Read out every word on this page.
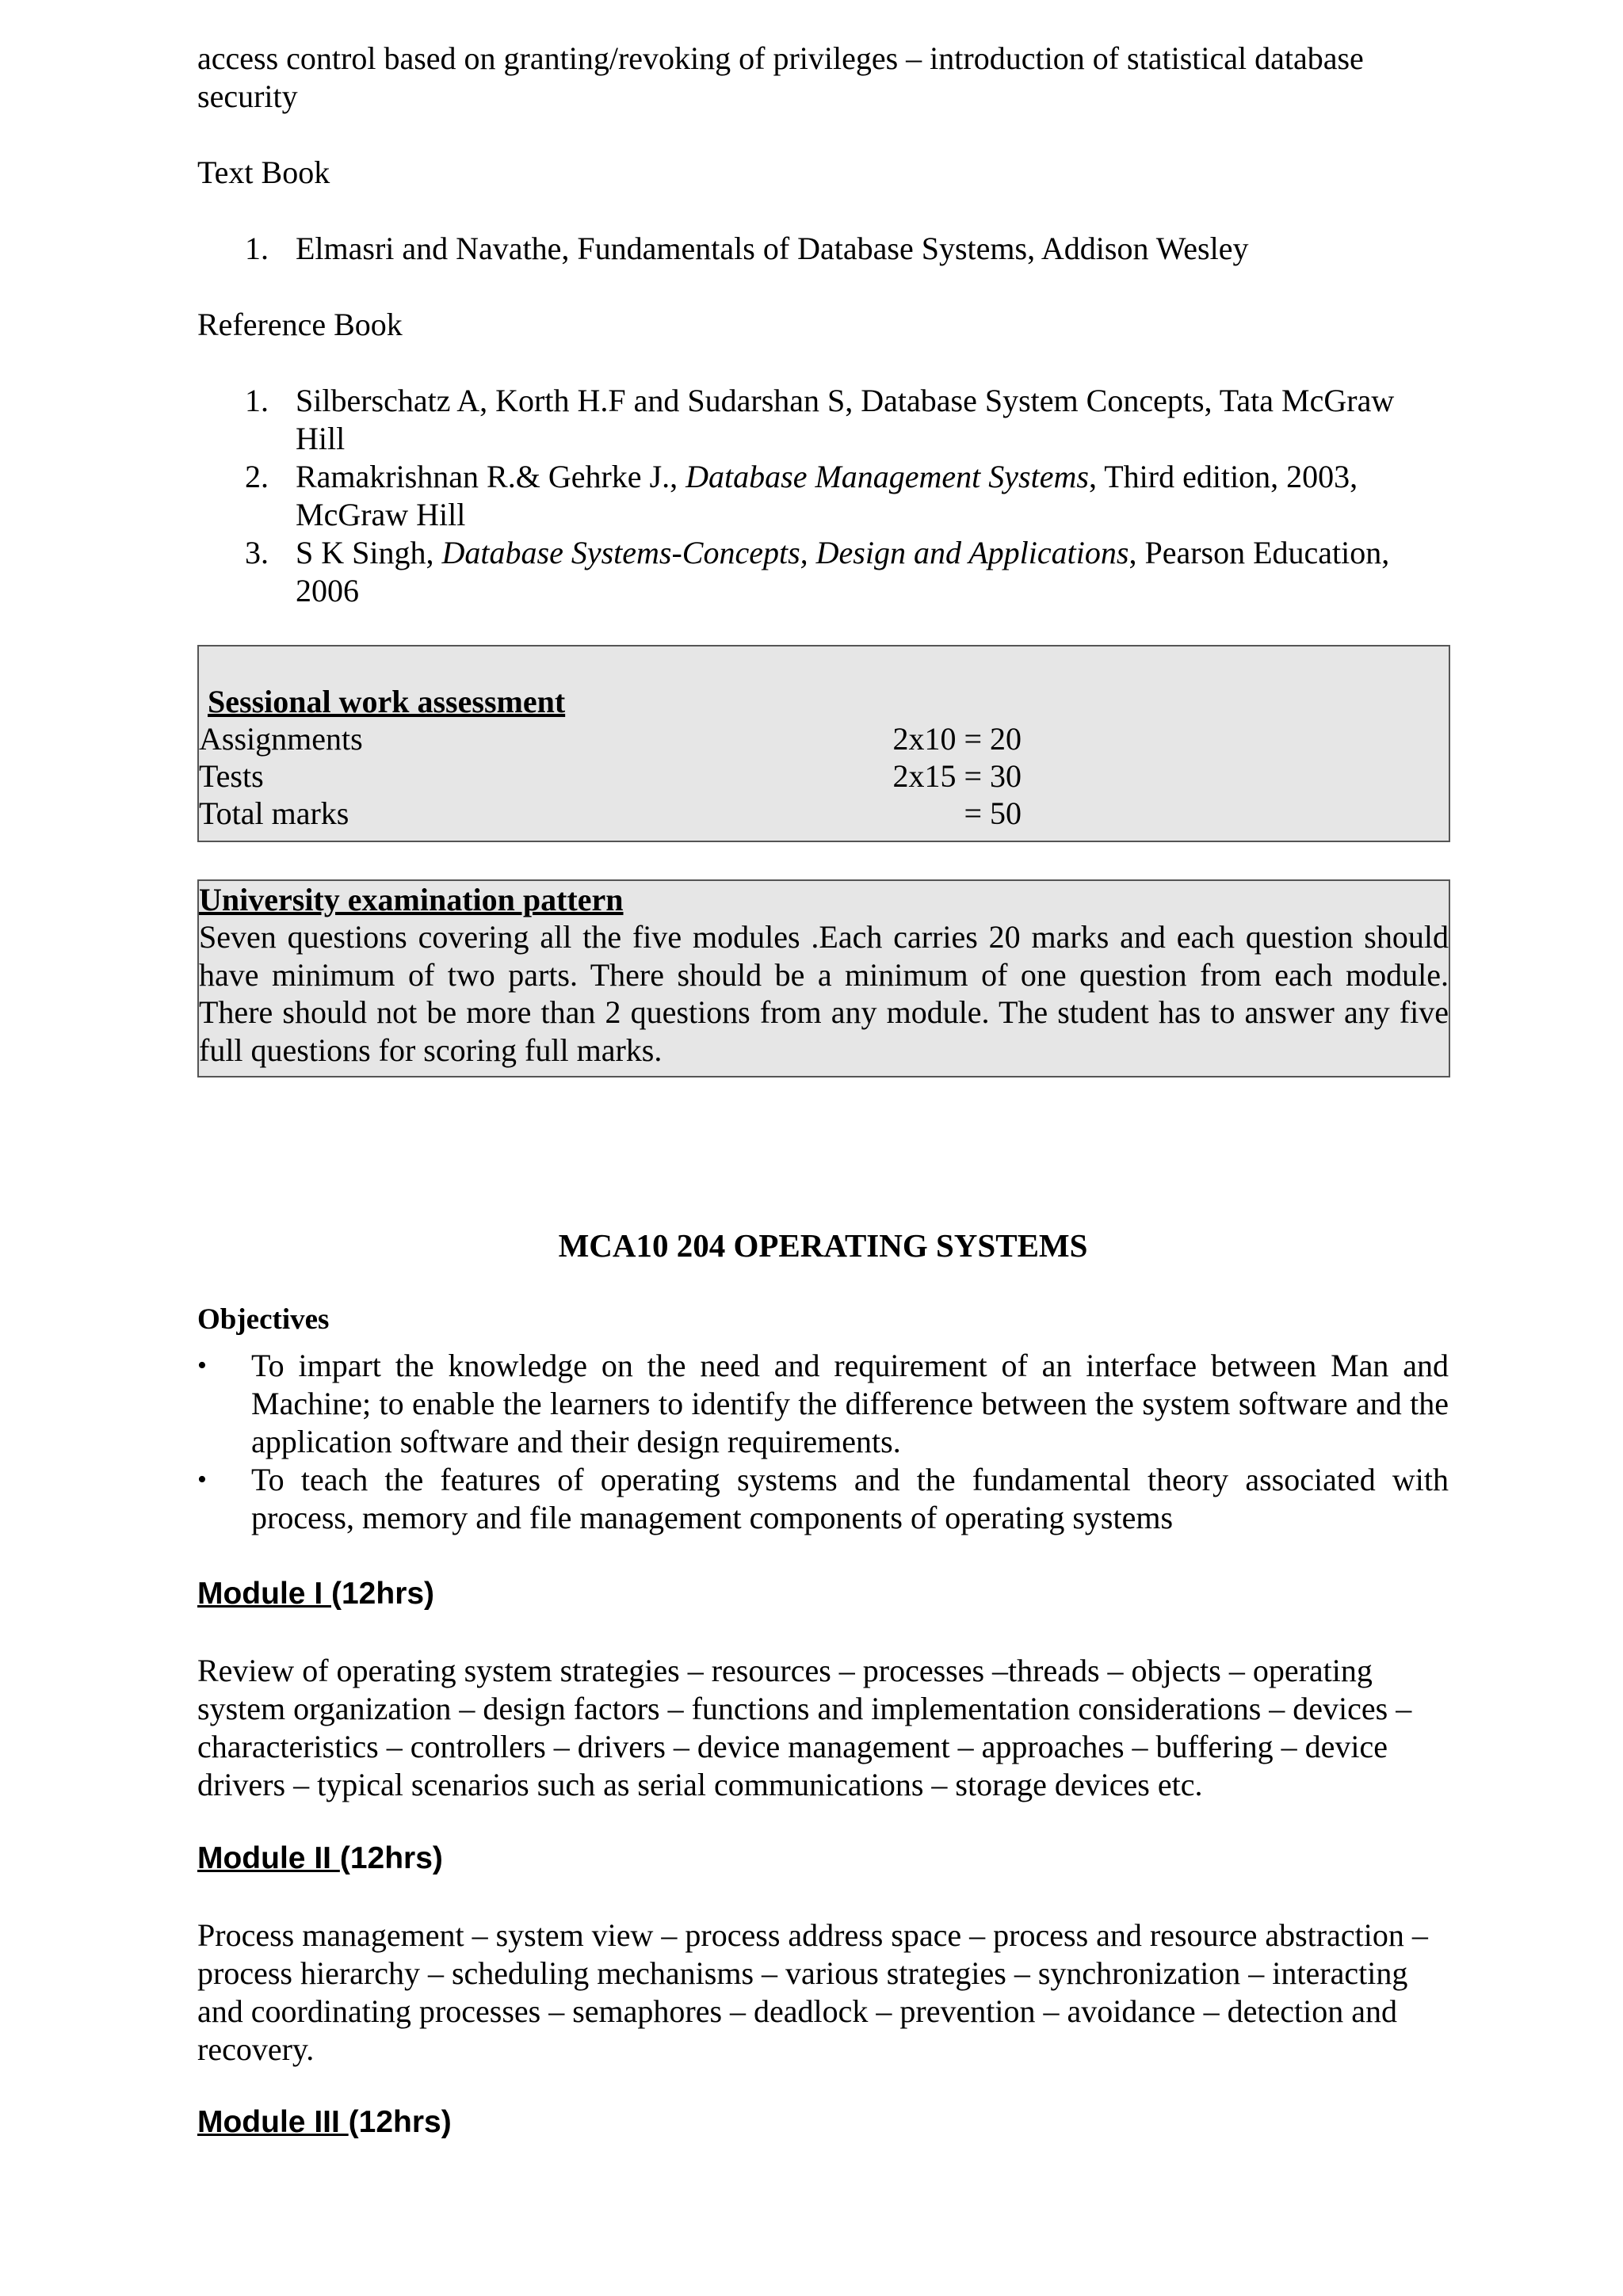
access control based on granting/revoking of privileges – introduction of statistical database security

Text Book

1. Elmasri and Navathe, Fundamentals of Database Systems, Addison Wesley

Reference Book

1. Silberschatz A, Korth H.F and Sudarshan S, Database System Concepts, Tata McGraw Hill
2. Ramakrishnan R.& Gehrke J., Database Management Systems, Third edition, 2003, McGraw Hill
3. S K Singh, Database Systems-Concepts, Design and Applications, Pearson Education, 2006
Sessional work assessment
Assignments	2x10 = 20
Tests	2x15 = 30
Total marks	= 50
University examination pattern
Seven questions covering all the five modules .Each carries 20 marks and each question should have minimum of two parts. There should be a minimum of one question from each module. There should not be more than 2 questions from any module. The student has to answer any five full questions for scoring full marks.
MCA10 204 OPERATING SYSTEMS
Objectives
• To impart the knowledge on the need and requirement of an interface between Man and Machine; to enable the learners to identify the difference between the system software and the application software and their design requirements.
• To teach the features of operating systems and the fundamental theory associated with process, memory and file management components of operating systems
Module I (12hrs)

Review of operating system strategies – resources – processes –threads – objects – operating system organization – design factors – functions and implementation considerations – devices – characteristics – controllers – drivers – device management – approaches – buffering – device drivers – typical scenarios such as serial communications – storage devices etc.

Module II (12hrs)

Process management – system view – process address space – process and resource abstraction – process hierarchy – scheduling mechanisms – various strategies – synchronization – interacting and coordinating processes – semaphores – deadlock – prevention – avoidance – detection and recovery.

Module III (12hrs)
